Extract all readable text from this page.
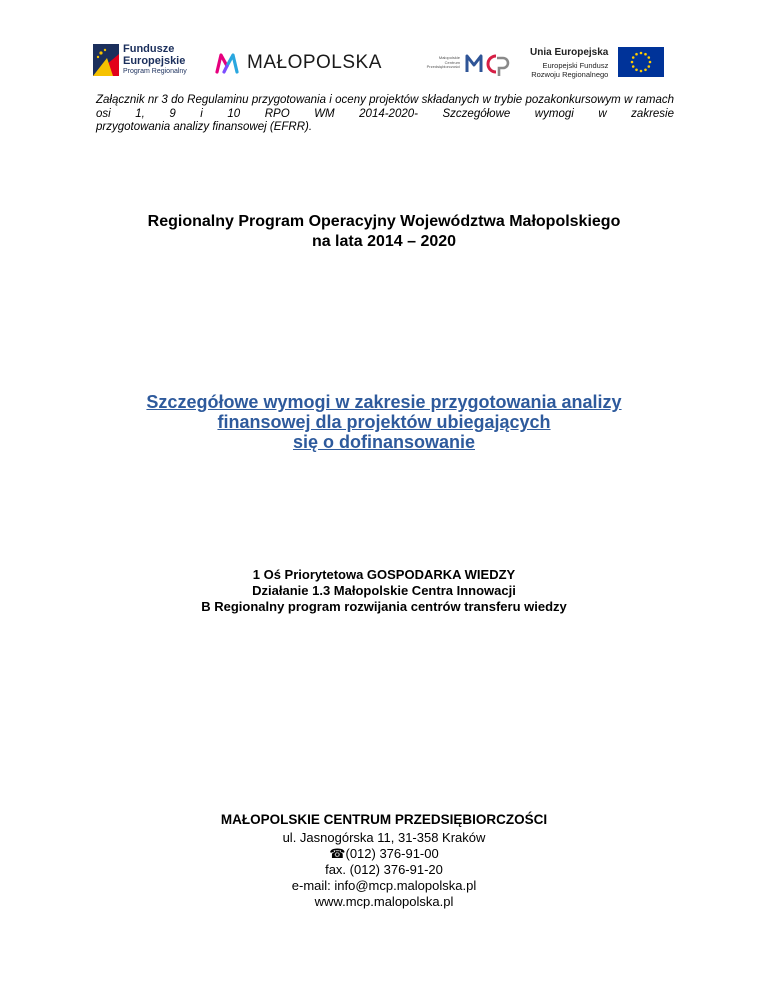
Fundusze
Europejskie
Program Regionalny	MAŁOPOLSKA	Małopolskie
Centrum
Przedsiębiorczości
Unia Europejska
Europejski Fundusz
Rozwoju Regionalnego

Załącznik nr 3 do Regulaminu przygotowania i oceny projektów składanych w trybie pozakonkursowym w ramach osi 1, 9 i 10 RPO WM 2014-2020- Szczegółowe wymogi w zakresie

przygotowania analizy finansowej (EFRR).

Regionalny Program Operacyjny Województwa Małopolskiego
na lata 2014 – 2020
Szczegółowe wymogi w zakresie przygotowania analizy
finansowej dla projektów ubiegających
się o dofinansowanie
1 Oś Priorytetowa GOSPODARKA WIEDZY
Działanie 1.3 Małopolskie Centra Innowacji
B Regionalny program rozwijania centrów transferu wiedzy
MAŁOPOLSKIE CENTRUM PRZEDSIĘBIORCZOŚCI
ul. Jasnogórska 11, 31-358 Kraków
☎(012) 376-91-00
fax. (012) 376-91-20
e-mail: info@mcp.malopolska.pl
www.mcp.malopolska.pl
